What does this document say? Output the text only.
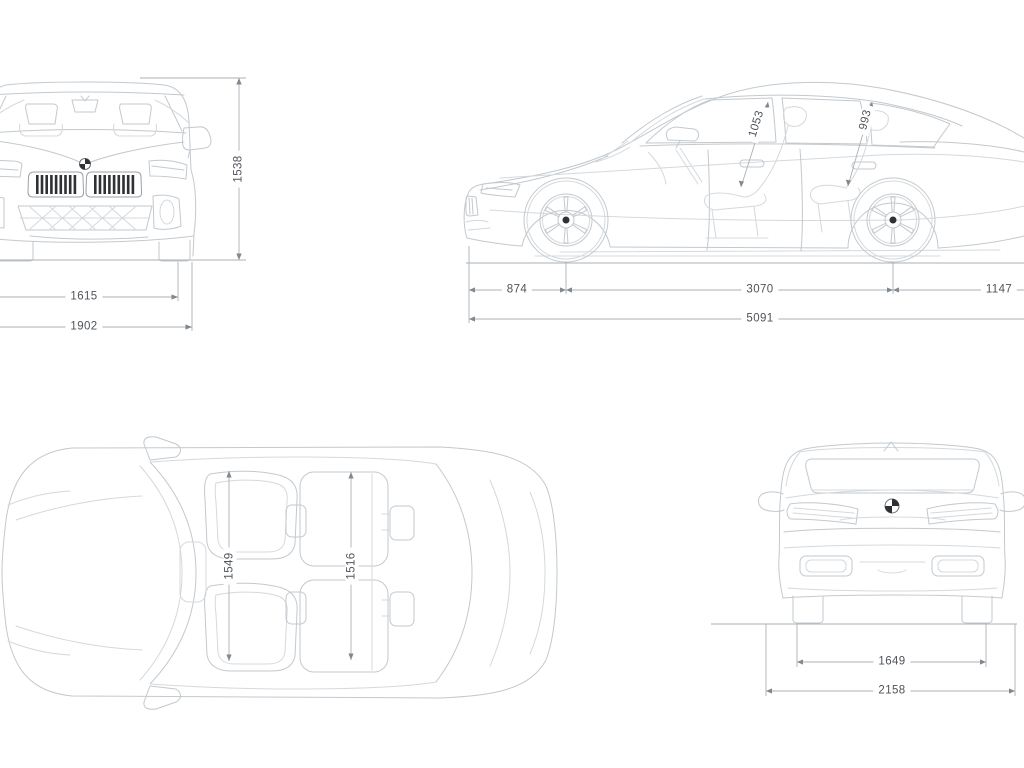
1538
1615
1902
1053	993
874	3070	1147
5091
1549	1516
1649
2158
